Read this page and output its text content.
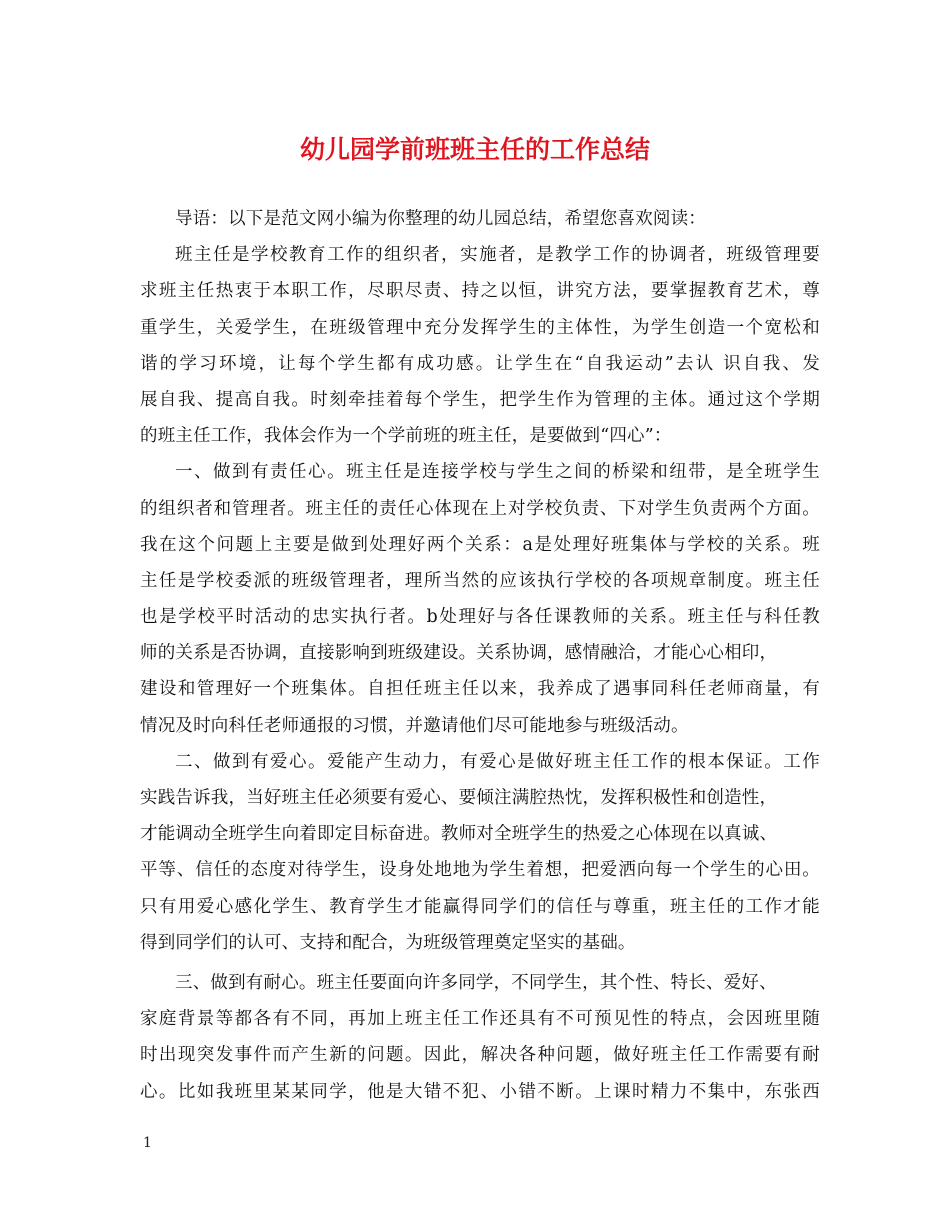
幼儿园学前班班主任的工作总结
导语：以下是范文网小编为你整理的幼儿园总结，希望您喜欢阅读：
班主任是学校教育工作的组织者，实施者，是教学工作的协调者，班级管理要
求班主任热衷于本职工作，尽职尽责、持之以恒，讲究方法，要掌握教育艺术，尊
重学生，关爱学生，在班级管理中充分发挥学生的主体性，为学生创造一个宽松和
谐的学习环境，让每个学生都有成功感。让学生在“自我运动”去认 识自我、发
展自我、提高自我。时刻牵挂着每个学生，把学生作为管理的主体。通过这个学期
的班主任工作，我体会作为一个学前班的班主任，是要做到“四心”：
一、做到有责任心。班主任是连接学校与学生之间的桥梁和纽带，是全班学生
的组织者和管理者。班主任的责任心体现在上对学校负责、下对学生负责两个方面。
我在这个问题上主要是做到处理好两个关系：a是处理好班集体与学校的关系。班
主任是学校委派的班级管理者，理所当然的应该执行学校的各项规章制度。班主任
也是学校平时活动的忠实执行者。b处理好与各任课教师的关系。班主任与科任教
师的关系是否协调，直接影响到班级建设。关系协调，感情融洽，才能心心相印，
建设和管理好一个班集体。自担任班主任以来，我养成了遇事同科任老师商量，有
情况及时向科任老师通报的习惯，并邀请他们尽可能地参与班级活动。
二、做到有爱心。爱能产生动力，有爱心是做好班主任工作的根本保证。工作
实践告诉我，当好班主任必须要有爱心、要倾注满腔热忱，发挥积极性和创造性，
才能调动全班学生向着即定目标奋进。教师对全班学生的热爱之心体现在以真诚、
平等、信任的态度对待学生，设身处地地为学生着想，把爱洒向每一个学生的心田。
只有用爱心感化学生、教育学生才能赢得同学们的信任与尊重，班主任的工作才能
得到同学们的认可、支持和配合，为班级管理奠定坚实的基础。
三、做到有耐心。班主任要面向许多同学，不同学生，其个性、特长、爱好、
家庭背景等都各有不同，再加上班主任工作还具有不可预见性的特点，会因班里随
时出现突发事件而产生新的问题。因此，解决各种问题，做好班主任工作需要有耐
心。比如我班里某某同学，他是大错不犯、小错不断。上课时精力不集中，东张西
1
